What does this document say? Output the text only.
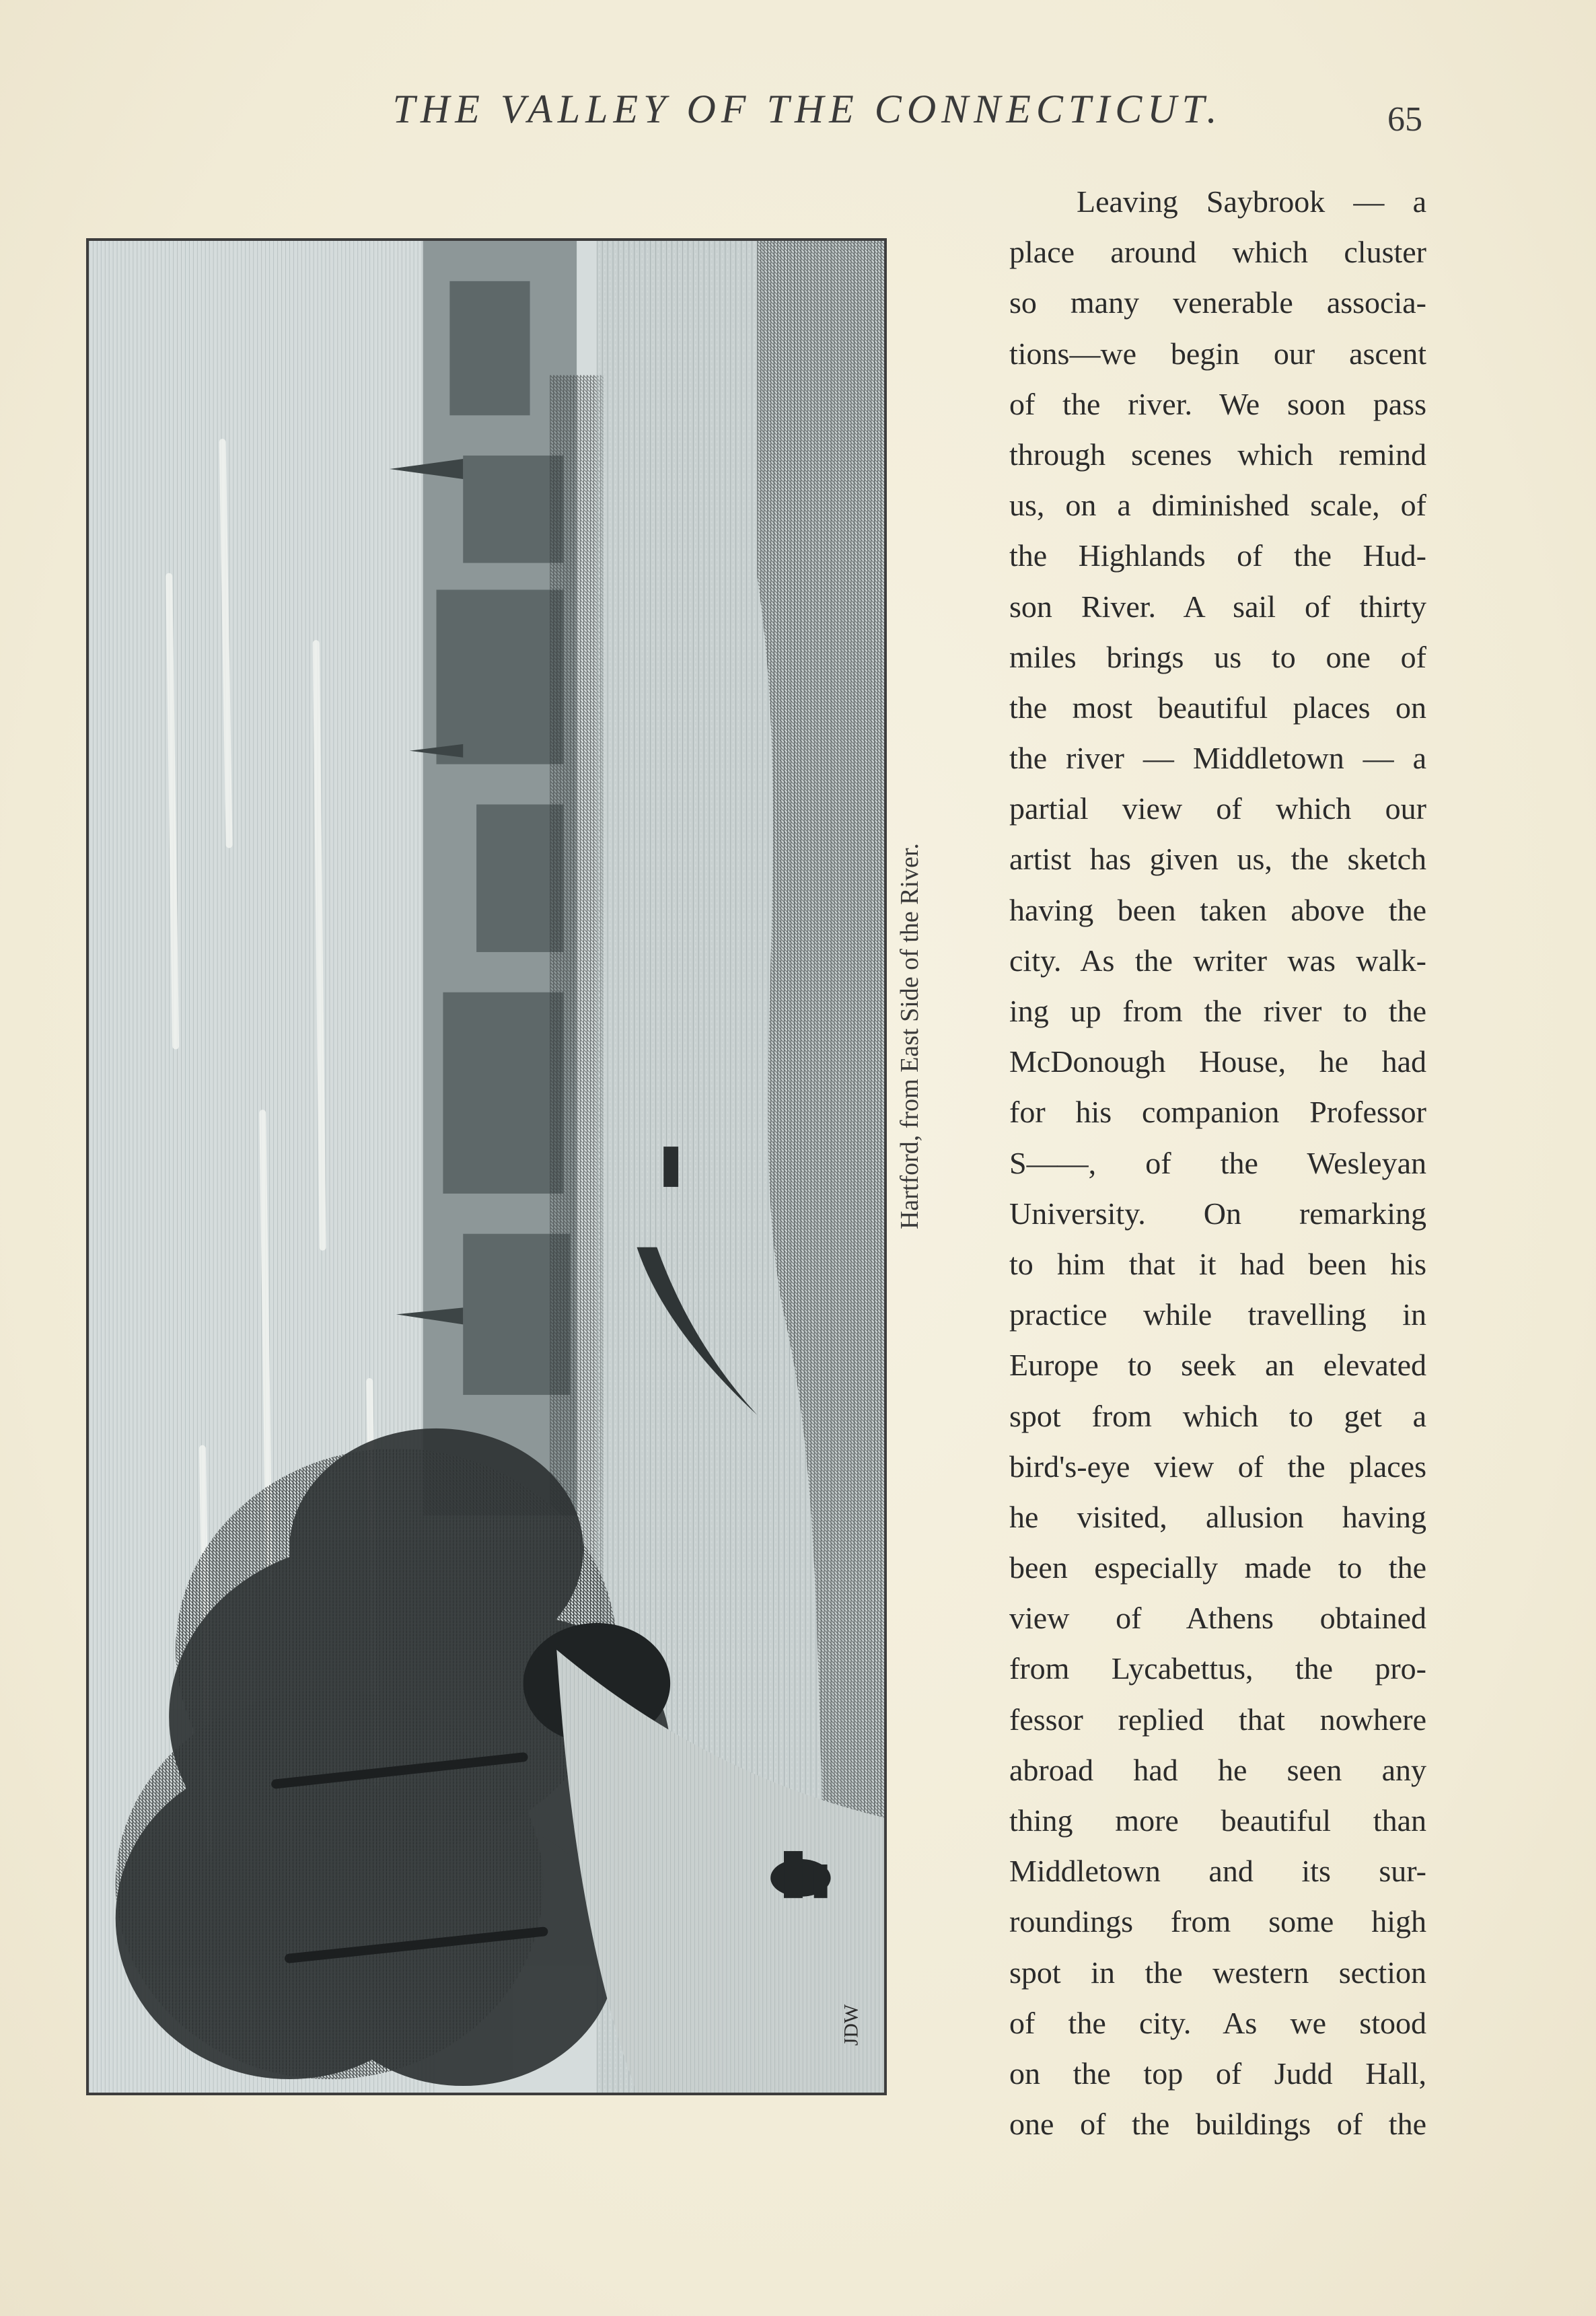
THE VALLEY OF THE CONNECTICUT.	65
JDW
Hartford, from East Side of the River.
Leaving Saybrook — a
place around which cluster
so many venerable associa-
tions—we begin our ascent
of the river. We soon pass
through scenes which remind
us, on a diminished scale, of
the Highlands of the Hud-
son River. A sail of thirty
miles brings us to one of
the most beautiful places on
the river — Middletown — a
partial view of which our
artist has given us, the sketch
having been taken above the
city. As the writer was walk-
ing up from the river to the
McDonough House, he had
for his companion Professor
S——, of the Wesleyan
University. On remarking
to him that it had been his
practice while travelling in
Europe to seek an elevated
spot from which to get a
bird's-eye view of the places
he visited, allusion having
been especially made to the
view of Athens obtained
from Lycabettus, the pro-
fessor replied that nowhere
abroad had he seen any
thing more beautiful than
Middletown and its sur-
roundings from some high
spot in the western section
of the city. As we stood
on the top of Judd Hall,
one of the buildings of the
